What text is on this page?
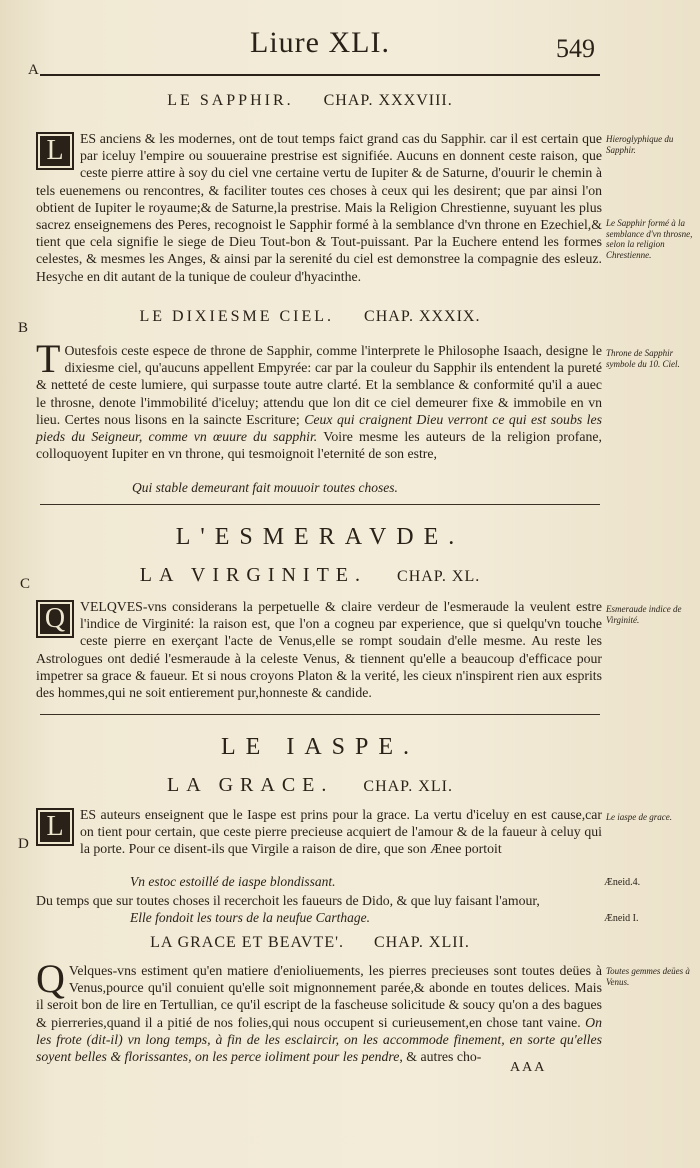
Liure XLI.	549
A
LE SAPPHIR. CHAP. XXXVIII.
L	ES anciens & les modernes, ont de tout temps faict grand cas du Sapphir. car il est certain que par iceluy l'empire ou souueraine prestrise est signifiée. Aucuns en donnent ceste raison, que ceste pierre attire à soy du ciel vne certaine vertu de Iupiter & de Saturne, d'ouurir le chemin à tels euenemens ou rencontres, & faciliter toutes ces choses à ceux qui les desirent; que par ainsi l'on obtient de Iupiter le royaume;& de Saturne,la prestrise. Mais la Religion Chrestienne, suyuant les plus sacrez enseignemens des Peres, recognoist le Sapphir formé à la semblance d'vn throne en Ezechiel,& tient que cela signifie le siege de Dieu Tout-bon & Tout-puissant. Par la Euchere entend les formes celestes, & mesmes les Anges, & ainsi par la serenité du ciel est demonstree la compagnie des esleuz. Hesyche en dit autant de la tunique de couleur d'hyacinthe.
Hieroglyphique du Sapphir.
Le Sapphir formé à la semblance d'vn throsne, selon la religion Chrestienne.
LE DIXIESME CIEL. CHAP. XXXIX.
B
T Outesfois ceste espece de throne de Sapphir, comme l'interprete le Philosophe Isaach, designe le dixiesme ciel, qu'aucuns appellent Empyrée: car par la couleur du Sapphir ils entendent la pureté & netteté de ceste lumiere, qui surpasse toute autre clarté. Et la semblance & conformité qu'il a auec le throsne, denote l'immobilité d'iceluy; attendu que lon dit ce ciel demeurer fixe & immobile en vn lieu. Certes nous lisons en la saincte Escriture; Ceux qui craignent Dieu verront ce qui est soubs les pieds du Seigneur, comme vn œuure du sapphir. Voire mesme les auteurs de la religion profane, colloquoyent Iupiter en vn throne, qui tesmoignoit l'eternité de son estre,
Throne de Sapphir symbole du 10. Ciel.
Qui stable demeurant fait mouuoir toutes choses.
L'ESMERAVDE.
LA VIRGINITE. CHAP. XL.
C
Q	VELQVES-vns considerans la perpetuelle & claire verdeur de l'esmeraude la veulent estre l'indice de Virginité: la raison est, que l'on a cogneu par experience, que si quelqu'vn touche ceste pierre en exerçant l'acte de Venus,elle se rompt soudain d'elle mesme. Au reste les Astrologues ont dedié l'esmeraude à la celeste Venus, & tiennent qu'elle a beaucoup d'efficace pour impetrer sa grace & faueur. Et si nous croyons Platon & la verité, les cieux n'inspirent rien aux esprits des hommes,qui ne soit entierement pur,honneste & candide.
Esmeraude indice de Virginité.
LE IASPE.
LA GRACE. CHAP. XLI.
D
L	ES auteurs enseignent que le Iaspe est prins pour la grace. La vertu d'iceluy en est cause,car on tient pour certain, que ceste pierre precieuse acquiert de l'amour & de la faueur à celuy qui la porte. Pour ce disent-ils que Virgile a raison de dire, que son Ænee portoit
Le iaspe de grace.
Vn estoc estoillé de iaspe blondissant.	Æneid.4.
Du temps que sur toutes choses il recerchoit les faueurs de Dido, & que luy faisant l'amour,
Elle fondoit les tours de la neufue Carthage.	Æneid I.
LA GRACE ET BEAVTE'. CHAP. XLII.
Q Velques-vns estiment qu'en matiere d'enioliuements, les pierres precieuses sont toutes deües à Venus,pource qu'il conuient qu'elle soit mignonnement parée,& abonde en toutes delices. Mais il seroit bon de lire en Tertullian, ce qu'il escript de la fascheuse solicitude & soucy qu'on a des bagues & pierreries,quand il a pitié de nos folies,qui nous occupent si curieusement,en chose tant vaine. On les frote (dit-il) vn long temps, à fin de les esclaircir, on les accommode finement, en sorte qu'elles soyent belles & florissantes, on les perce ioliment pour les pendre, & autres cho-
Toutes gemmes deües à Venus.
AAA
